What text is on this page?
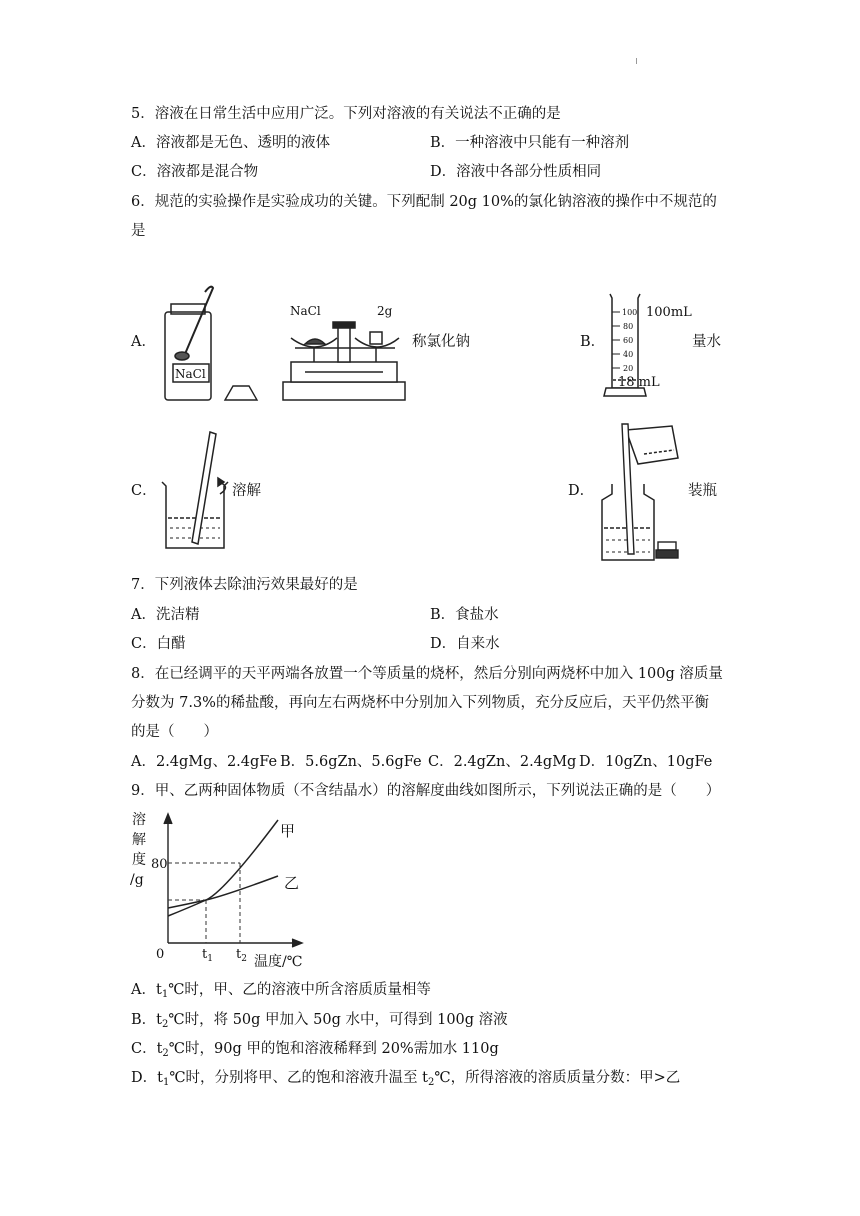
5．溶液在日常生活中应用广泛。下列对溶液的有关说法不正确的是
A．溶液都是无色、透明的液体	B．一种溶液中只能有一种溶剂
C．溶液都是混合物	D．溶液中各部分性质相同
6．规范的实验操作是实验成功的关键。下列配制 20g 10%的氯化钠溶液的操作中不规范的
是
A．
NaCl
NaCl	2g
称氯化钠	B．
100
80
60
40
20
100mL
18 mL
量水
C．	溶解	D．	装瓶
7．下列液体去除油污效果最好的是
A．洗洁精	B．食盐水
C．白醋	D．自来水
8．在已经调平的天平两端各放置一个等质量的烧杯，然后分别向两烧杯中加入 100g 溶质量
分数为 7.3%的稀盐酸，再向左右两烧杯中分别加入下列物质，充分反应后，天平仍然平衡
的是（　　）
A．2.4gMg、2.4gFe B．5.6gZn、5.6gFe C．2.4gZn、2.4gMg D．10gZn、10gFe
9．甲、乙两种固体物质（不含结晶水）的溶解度曲线如图所示，下列说法正确的是（　　）
溶
解
度
/g
80
0
甲
乙
$t_1$ $t_2$ 温度/℃
A．$t_1℃$时，甲、乙的溶液中所含溶质质量相等
B．$t_2℃$时，将 50g 甲加入 50g 水中，可得到 100g 溶液
C．$t_2℃$时，90g 甲的饱和溶液稀释到 20%需加水 110g
D．$t_1℃$时，分别将甲、乙的饱和溶液升温至 $t_2℃$，所得溶液的溶质质量分数：甲>乙
